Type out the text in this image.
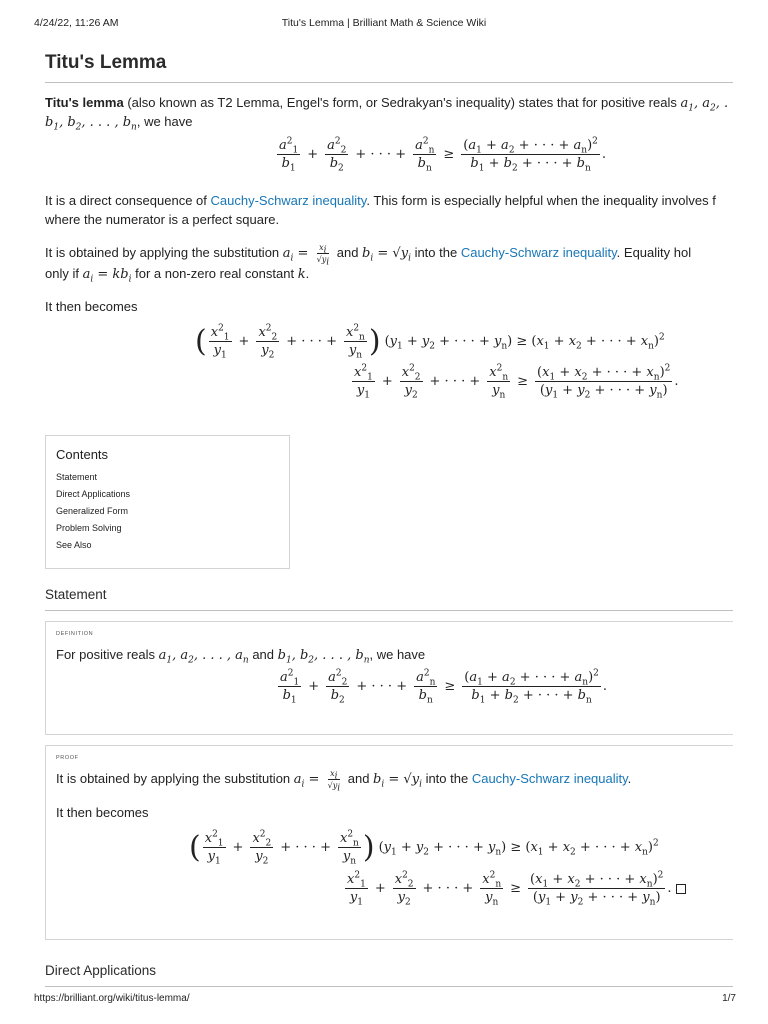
4/24/22, 11:26 AM	Titu's Lemma | Brilliant Math & Science Wiki
Titu's Lemma
Titu's lemma (also known as T2 Lemma, Engel's form, or Sedrakyan's inequality) states that for positive reals $a_1$, $a_2$, .
$b_1$, $b_2$, . . . , $b_n$, we have
$\frac{a^2_1}{b_1} + \frac{a^2_2}{b_2}$ + · · · + $\frac{a^2_n}{b_n} \ge \frac{(a_1 + a_2 + \cdot \cdot \cdot + a_n)^2}{b_1 + b_2 + \cdot \cdot \cdot + b_n}$ .
It is a direct consequence of Cauchy-Schwarz inequality. This form is especially helpful when the inequality involves f
where the numerator is a perfect square.
It is obtained by applying the substitution $a_i = \frac{x_i}{√y_i}$ and $b_i = √y_i$ into the Cauchy-Schwarz inequality. Equality hol
only if $a_i = kb_i$ for a non-zero real constant k.
It then becomes
( $\frac{x^2_1}{y_1} + \frac{x^2_2}{y_2}$ + · · · + $\frac{x^2_n}{y_n}$ ) ($y_1 + y_2$ + · · · + $y_n) \ge (x_1 + x_2$ + · · · + $x_n)^2$
$\frac{x^2_1}{y_1} + \frac{x^2_2}{y_2}$ + · · · + $\frac{x^2_n}{y_n} \ge \frac{(x_1 + x_2 + \cdot \cdot \cdot + x_n)^2}{(y_1 + y_2 + \cdot \cdot \cdot + y_n)}$ .
Contents
Statement
Direct Applications
Generalized Form
Problem Solving
See Also
Statement
DEFINITION
For positive reals $a_1$, $a_2$, . . . , $a_n$ and $b_1$, $b_2$, . . . , $b_n$, we have
$\frac{a^2_1}{b_1} + \frac{a^2_2}{b_2}$ + · · · + $\frac{a^2_n}{b_n} \ge \frac{(a_1 + a_2 + \cdot \cdot \cdot + a_n)^2}{b_1 + b_2 + \cdot \cdot \cdot + b_n}$ .
PROOF
It is obtained by applying the substitution $a_i = \frac{x_i}{√y_i}$ and $b_i = √y_i$ into the Cauchy-Schwarz inequality.
It then becomes
( $\frac{x^2_1}{y_1} + \frac{x^2_2}{y_2}$ + · · · + $\frac{x^2_n}{y_n}$ ) ($y_1 + y_2$ + · · · + $y_n) \ge (x_1 + x_2$ + · · · + $x_n)^2$
$\frac{x^2_1}{y_1} + \frac{x^2_2}{y_2}$ + · · · + $\frac{x^2_n}{y_n} \ge \frac{(x_1 + x_2 + \cdot \cdot \cdot + x_n)^2}{(y_1 + y_2 + \cdot \cdot \cdot + y_n)}$ .
Direct Applications
https://brilliant.org/wiki/titus-lemma/	1/7
